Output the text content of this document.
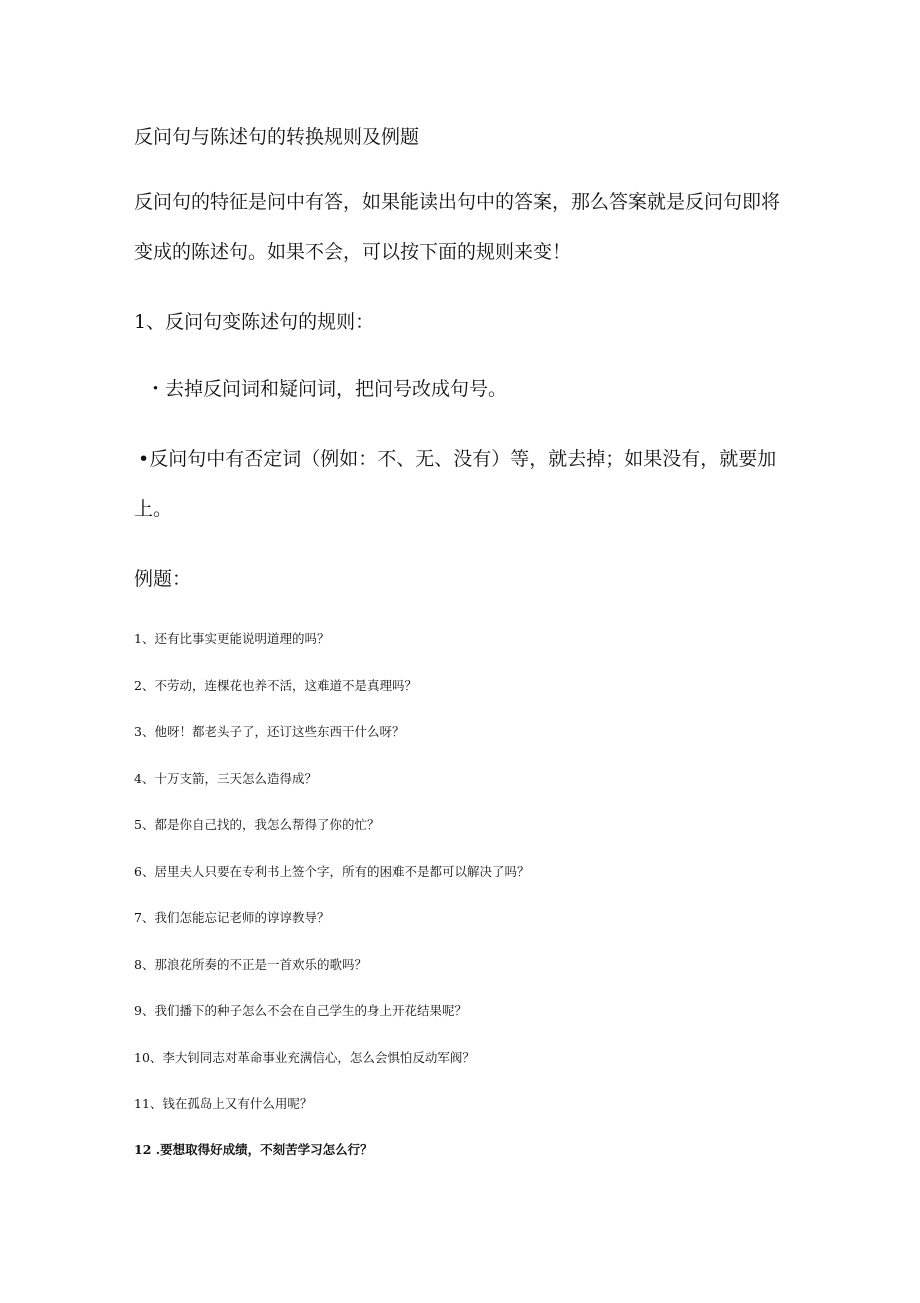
反问句与陈述句的转换规则及例题
反问句的特征是问中有答，如果能读出句中的答案，那么答案就是反问句即将
变成的陈述句。如果不会，可以按下面的规则来变！
1、反问句变陈述句的规则：
・去掉反问词和疑问词，把问号改成句号。
•反问句中有否定词（例如：不、无、没有）等，就去掉；如果没有，就要加
上。
例题：
1、还有比事实更能说明道理的吗？
2、不劳动，连棵花也养不活，这难道不是真理吗？
3、他呀！都老头子了，还订这些东西干什么呀？
4、十万支箭，三天怎么造得成？
5、都是你自己找的，我怎么帮得了你的忙？
6、居里夫人只要在专利书上签个字，所有的困难不是都可以解决了吗？
7、我们怎能忘记老师的谆谆教导？
8、那浪花所奏的不正是一首欢乐的歌吗？
9、我们播下的种子怎么不会在自己学生的身上开花结果呢？
10、李大钊同志对革命事业充满信心，怎么会惧怕反动军阀？
11、钱在孤岛上又有什么用呢？
12 .要想取得好成绩，不刻苦学习怎么行？
